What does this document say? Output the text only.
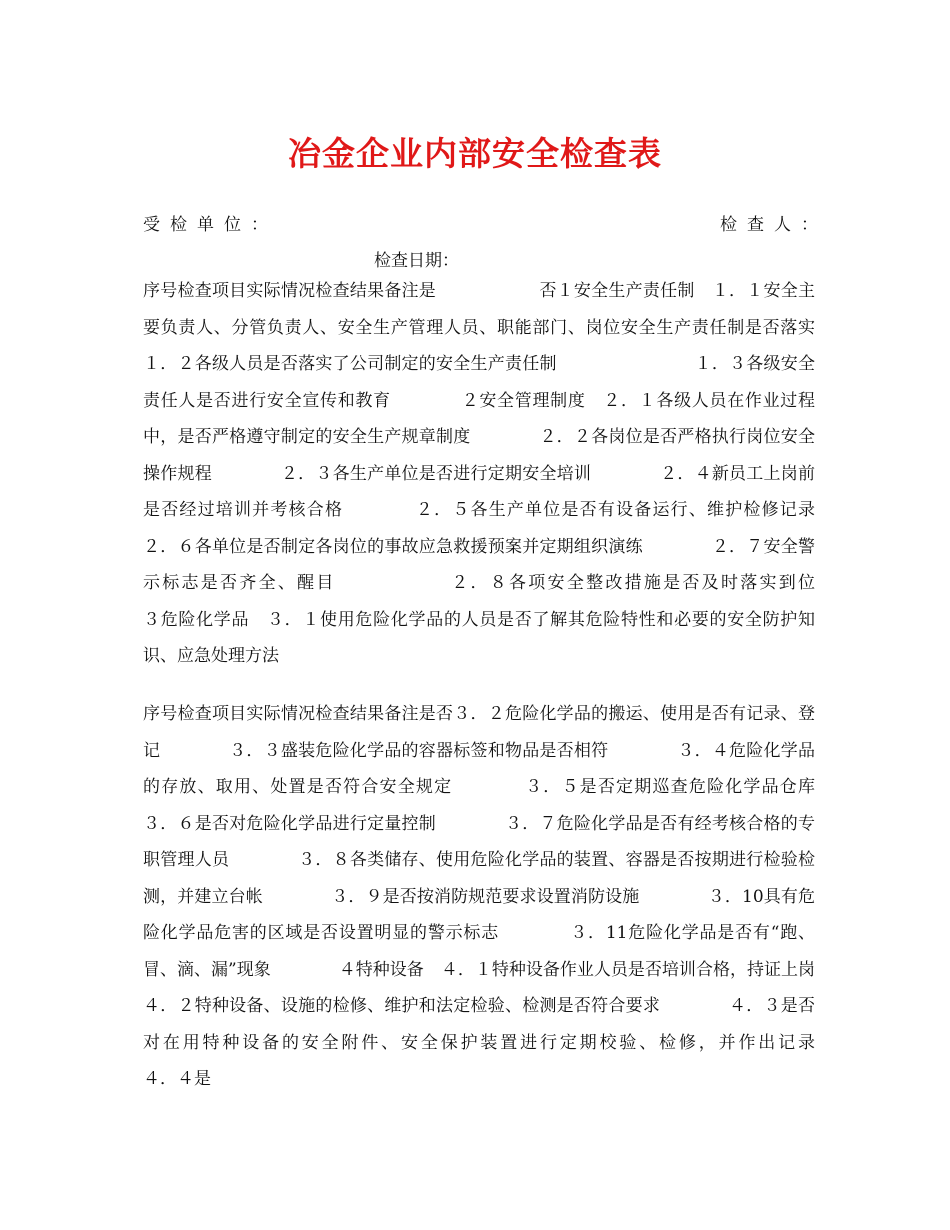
冶金企业内部安全检查表
受检单位：	检查人：
检查日期：
序号检查项目实际情况检查结果备注是　　　　　　否１安全生产责任制　１．１安全主要负责人、分管负责人、安全生产管理人员、职能部门、岗位安全生产责任制是否落实　　　　１．２各级人员是否落实了公司制定的安全生产责任制　　　　　　　　１．３各级安全责任人是否进行安全宣传和教育　　　　２安全管理制度　２．１各级人员在作业过程中，是否严格遵守制定的安全生产规章制度　　　　２．２各岗位是否严格执行岗位安全操作规程　　　　２．３各生产单位是否进行定期安全培训　　　　２．４新员工上岗前是否经过培训并考核合格　　　　２．５各生产单位是否有设备运行、维护检修记录　　　　２．６各单位是否制定各岗位的事故应急救援预案并定期组织演练　　　　２．７安全警示标志是否齐全、醒目　　　　　　２．８各项安全整改措施是否及时落实到位　　　　３危险化学品　３．１使用危险化学品的人员是否了解其危险特性和必要的安全防护知识、应急处理方法
序号检查项目实际情况检查结果备注是否３．２危险化学品的搬运、使用是否有记录、登记　　　　３．３盛装危险化学品的容器标签和物品是否相符　　　　３．４危险化学品的存放、取用、处置是否符合安全规定　　　　３．５是否定期巡查危险化学品仓库　　　　３．６是否对危险化学品进行定量控制　　　　３．７危险化学品是否有经考核合格的专职管理人员　　　　３．８各类储存、使用危险化学品的装置、容器是否按期进行检验检测，并建立台帐　　　　３．９是否按消防规范要求设置消防设施　　　　３．10具有危险化学品危害的区域是否设置明显的警示标志　　　　３．11危险化学品是否有“跑、冒、滴、漏”现象　　　　４特种设备　４．１特种设备作业人员是否培训合格，持证上岗　　　　４．２特种设备、设施的检修、维护和法定检验、检测是否符合要求　　　　４．３是否对在用特种设备的安全附件、安全保护装置进行定期校验、检修，并作出记录　　　　４．４是
